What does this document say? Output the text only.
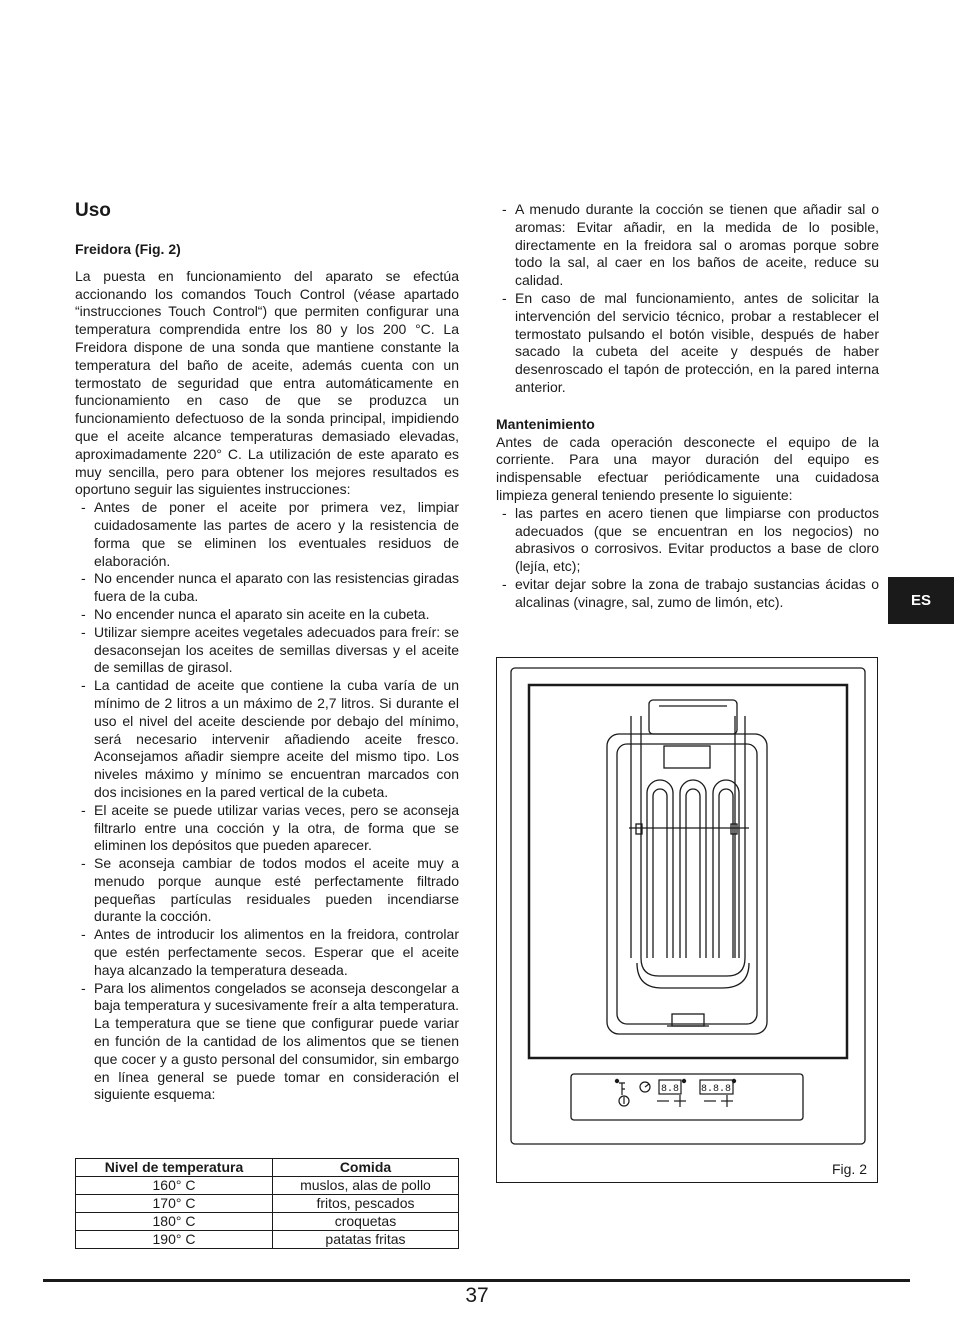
Uso
Freidora (Fig. 2)

La puesta en funcionamiento del aparato se efectúa accionando los comandos Touch Control (véase apartado “instrucciones Touch Control“) que permiten configurar una temperatura comprendida entre los 80 y los 200 °C. La Freidora dispone de una sonda que mantiene constante la temperatura del baño de aceite, además cuenta con un termostato de seguridad que entra automáticamente en funcionamiento en caso de que se produzca un funcionamiento defectuoso de la sonda principal, impidiendo que el aceite alcance temperaturas demasiado elevadas, aproximadamente 220° C. La utilización de este aparato es muy sencilla, pero para obtener los mejores resultados es oportuno seguir las siguientes instrucciones:

- Antes de poner el aceite por primera vez, limpiar cuidadosamente las partes de acero y la resistencia de forma que se eliminen los eventuales residuos de elaboración.
- No encender nunca el aparato con las resistencias giradas fuera de la cuba.
- No encender nunca el aparato sin aceite en la cubeta.
- Utilizar siempre aceites vegetales adecuados para freír: se desaconsejan los aceites de semillas diversas y el aceite de semillas de girasol.
- La cantidad de aceite que contiene la cuba varía de un mínimo de 2 litros a un máximo de 2,7 litros. Si durante el uso el nivel del aceite desciende por debajo del mínimo, será necesario intervenir añadiendo aceite fresco. Aconsejamos añadir siempre aceite del mismo tipo. Los niveles máximo y mínimo se encuentran marcados con dos incisiones en la pared vertical de la cubeta.
- El aceite se puede utilizar varias veces, pero se aconseja filtrarlo entre una cocción y la otra, de forma que se eliminen los depósitos que pueden aparecer.
- Se aconseja cambiar de todos modos el aceite muy a menudo porque aunque esté perfectamente filtrado pequeñas partículas residuales pueden incendiarse durante la cocción.
- Antes de introducir los alimentos en la freidora, controlar que estén perfectamente secos. Esperar que el aceite haya alcanzado la temperatura deseada.
- Para los alimentos congelados se aconseja descongelar a baja temperatura y sucesivamente freír a alta temperatura. La temperatura que se tiene que configurar puede variar en función de la cantidad de los alimentos que se tienen que cocer y a gusto personal del consumidor, sin embargo en línea general se puede tomar en consideración el siguiente esquema:
Nivel de temperatura	Comida
160° C	muslos, alas de pollo
170° C	fritos, pescados
180° C	croquetas
190° C	patatas fritas
- A menudo durante la cocción se tienen que añadir sal o aromas: Evitar añadir, en la medida de lo posible, directamente en la freidora sal o aromas porque sobre todo la sal, al caer en los baños de aceite, reduce su calidad.
- En caso de mal funcionamiento, antes de solicitar la intervención del servicio técnico, probar a restablecer el termostato pulsando el botón visible, después de haber sacado la cubeta del aceite y después de haber desenroscado el tapón de protección, en la pared interna anterior.
Mantenimiento

Antes de cada operación desconecte el equipo de la corriente. Para una mayor duración del equipo es indispensable efectuar periódicamente una cuidadosa limpieza general teniendo presente lo siguiente:

- las partes en acero tienen que limpiarse con productos adecuados (que se encuentran en los negocios) no abrasivos o corrosivos. Evitar productos a base de cloro (lejía, etc);
- evitar dejar sobre la zona de trabajo sustancias ácidas o alcalinas (vinagre, sal, zumo de limón, etc).	ES
8.8 8.8.8
Fig. 2
37
